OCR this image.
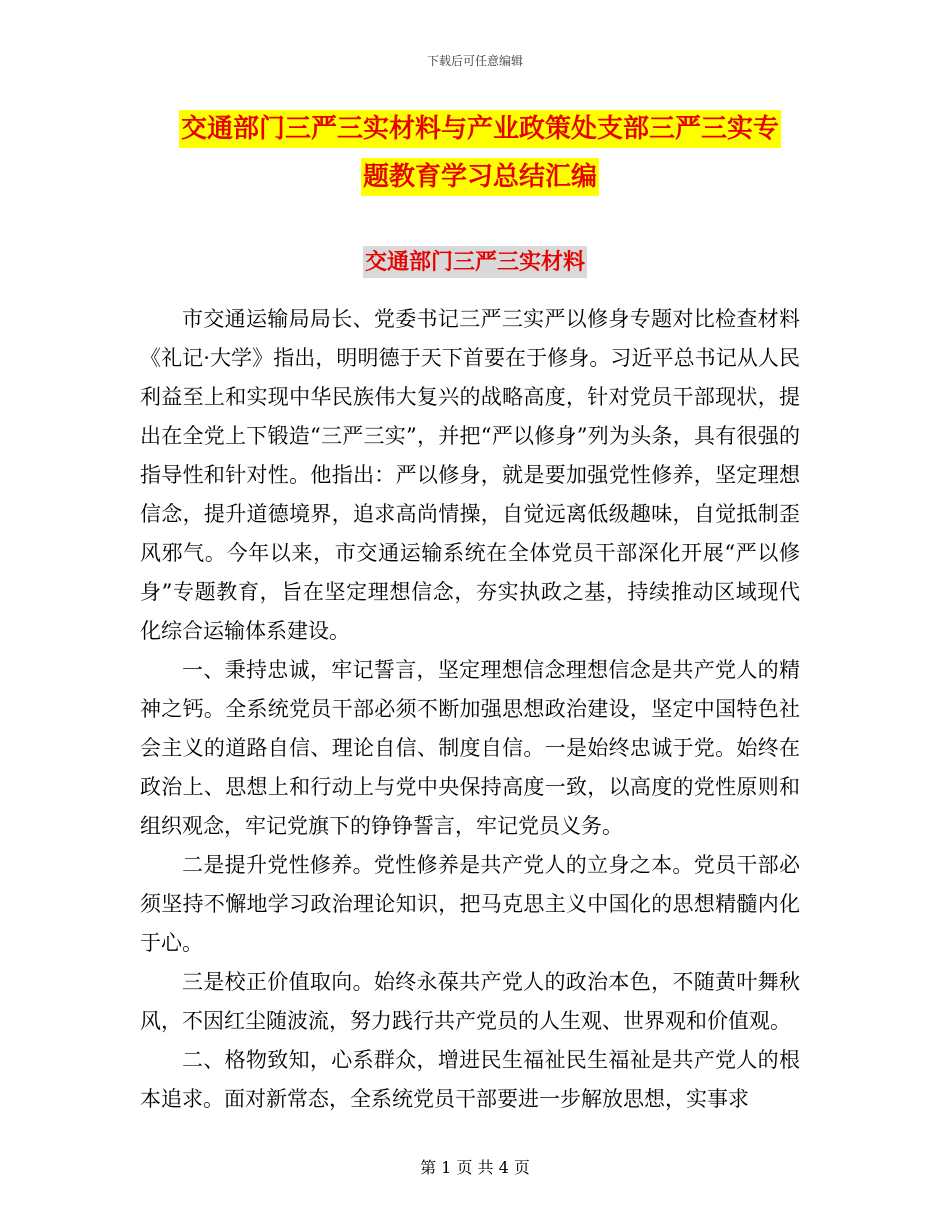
下载后可任意编辑
交通部门三严三实材料与产业政策处支部三严三实专
题教育学习总结汇编
交通部门三严三实材料

市交通运输局局长、党委书记三严三实严以修身专题对比检查材料《礼记·大学》指出，明明德于天下首要在于修身。习近平总书记从人民利益至上和实现中华民族伟大复兴的战略高度，针对党员干部现状，提出在全党上下锻造“三严三实”，并把“严以修身”列为头条，具有很强的指导性和针对性。他指出：严以修身，就是要加强党性修养，坚定理想信念，提升道德境界，追求高尚情操，自觉远离低级趣味，自觉抵制歪风邪气。今年以来，市交通运输系统在全体党员干部深化开展“严以修身”专题教育，旨在坚定理想信念，夯实执政之基，持续推动区域现代化综合运输体系建设。

一、秉持忠诚，牢记誓言，坚定理想信念理想信念是共产党人的精神之钙。全系统党员干部必须不断加强思想政治建设，坚定中国特色社会主义的道路自信、理论自信、制度自信。一是始终忠诚于党。始终在政治上、思想上和行动上与党中央保持高度一致，以高度的党性原则和组织观念，牢记党旗下的铮铮誓言，牢记党员义务。

二是提升党性修养。党性修养是共产党人的立身之本。党员干部必须坚持不懈地学习政治理论知识，把马克思主义中国化的思想精髓内化于心。

三是校正价值取向。始终永葆共产党人的政治本色，不随黄叶舞秋风，不因红尘随波流，努力践行共产党员的人生观、世界观和价值观。

二、格物致知，心系群众，增进民生福祉民生福祉是共产党人的根本追求。面对新常态，全系统党员干部要进一步解放思想，实事求

第 1 页 共 4 页
